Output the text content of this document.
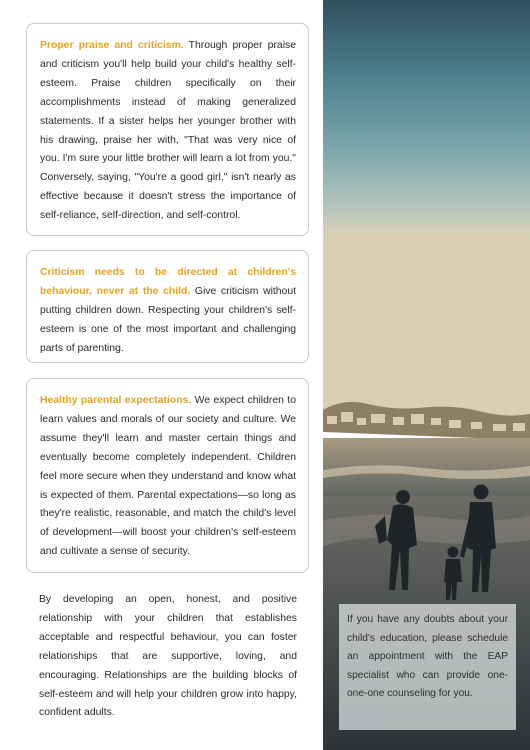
Proper praise and criticism. Through proper praise and criticism you'll help build your child's healthy self-esteem. Praise children specifically on their accomplishments instead of making generalized statements. If a sister helps her younger brother with his drawing, praise her with, "That was very nice of you. I'm sure your little brother will learn a lot from you." Conversely, saying, "You're a good girl," isn't nearly as effective because it doesn't stress the importance of self-reliance, self-direction, and self-control.
Criticism needs to be directed at children's behaviour, never at the child. Give criticism without putting children down. Respecting your children's self-esteem is one of the most important and challenging parts of parenting.
Healthy parental expectations. We expect children to learn values and morals of our society and culture. We assume they'll learn and master certain things and eventually become completely independent. Children feel more secure when they understand and know what is expected of them. Parental expectations—so long as they're realistic, reasonable, and match the child's level of development—will boost your children's self-esteem and cultivate a sense of security.

By developing an open, honest, and positive relationship with your children that establishes acceptable and respectful behaviour, you can foster relationships that are supportive, loving, and encouraging. Relationships are the building blocks of self-esteem and will help your children grow into happy, confident adults.

If you have any doubts about your child's education, please schedule an appointment with the EAP specialist who can provide one-one-one counseling for you.
